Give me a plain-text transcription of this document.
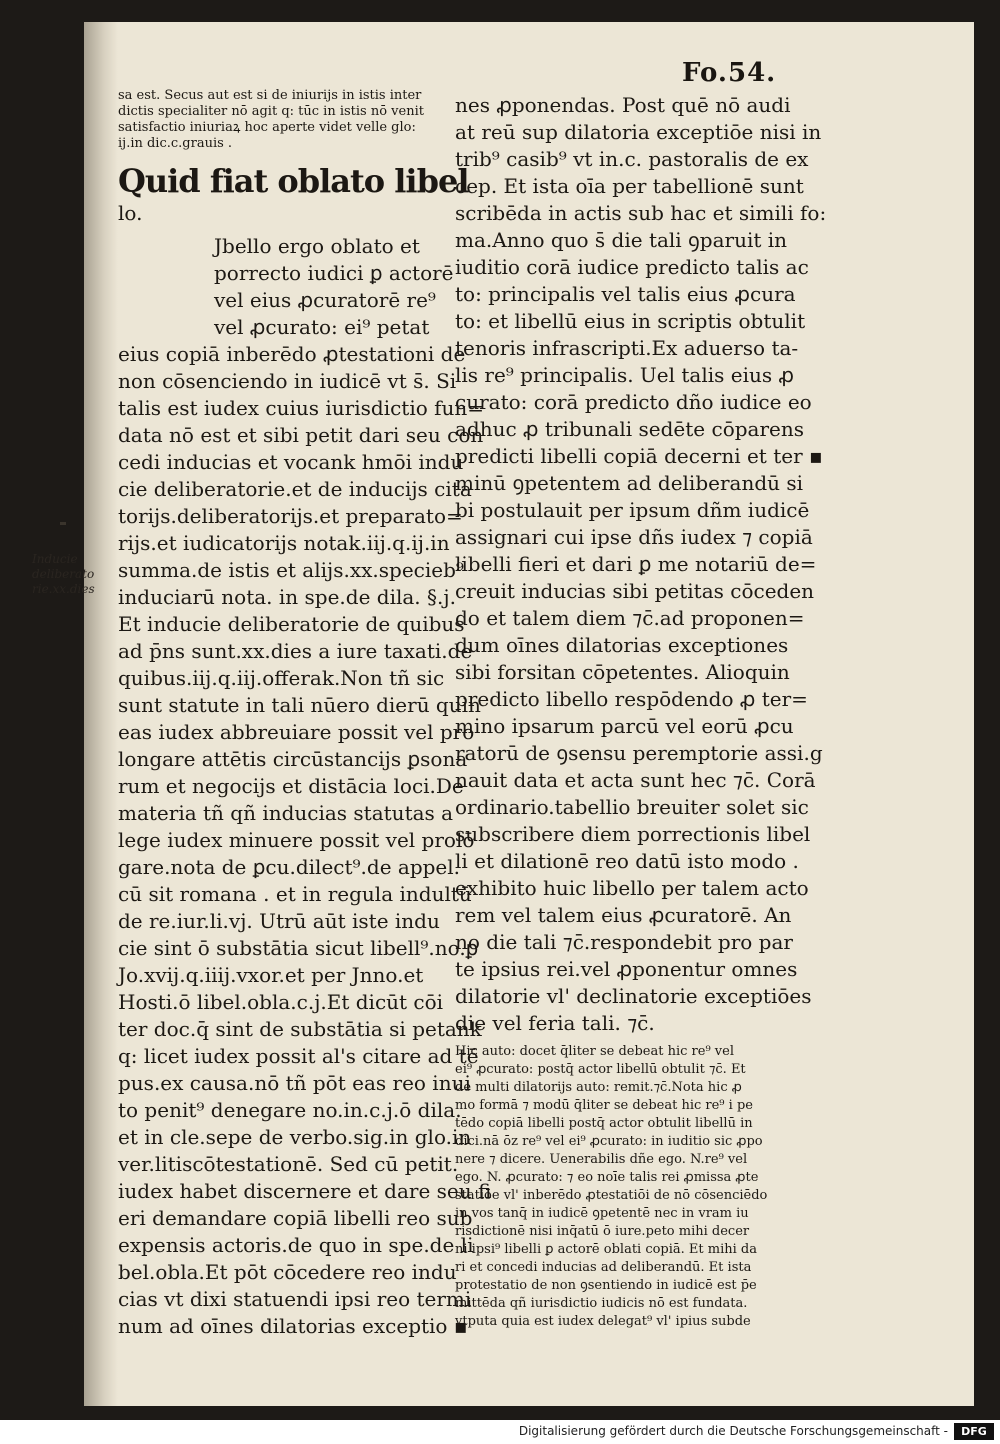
Fo.54.

sa est. Secus aut est si de iniurijs in istis inter

dictis specialiter nō agit q: tūc in istis nō venit

satisfactio iniuriaꝝ hoc aperte videt velle glo:

ij.in dic.c.grauis .

Quid fiat oblato libel

lo.

Jbello ergo oblato et

porrecto iudici ꝑ actorē

vel eius ꝓcuratorē re⁹

vel ꝓcurato: ei⁹ petat

eius copiā inberēdo ꝓtestationi de

non cōsenciendo in iudicē vt s̄. Si

talis est iudex cuius iurisdictio fun=

data nō est et sibi petit dari seu con

cedi inducias et vocank hmōi indu

cie deliberatorie.et de inducijs cita

torijs.deliberatorijs.et preparato=

rijs.et iudicatorijs notak.iij.q.ij.in

summa.de istis et alijs.xx.specieb⁹

induciarū nota. in spe.de dila. §.j.

Et inducie deliberatorie de quibus

ad p̄ns sunt.xx.dies a iure taxati.de

quibus.iij.q.iij.offerak.Non tñ sic

sunt statute in tali nūero dierū quin

eas iudex abbreuiare possit vel pro

longare attētis circūstancijs ꝑsona

rum et negocijs et distācia loci.De

materia tñ qñ inducias statutas a

lege iudex minuere possit vel prolō

gare.nota de ꝑcu.dilect⁹.de appel.

cū sit romana . et in regula indultū

de re.iur.li.vj. Utrū aūt iste indu

cie sint ō substātia sicut libell⁹.no.ꝑ

Jo.xvij.q.iiij.vxor.et per Jnno.et

Hosti.ō libel.obla.c.j.Et dicūt cōi

ter doc.q̄ sint de substātia si petank

q: licet iudex possit al's citare ad tē

pus.ex causa.nō tñ pōt eas reo inui

to penit⁹ denegare no.in.c.j.ō dila.

et in cle.sepe de verbo.sig.in glo.in

ver.litiscōtestationē. Sed cū petit.

iudex habet discernere et dare seu fi

eri demandare copiā libelli reo sub

expensis actoris.de quo in spe.de li

bel.obla.Et pōt cōcedere reo indu

cias vt dixi statuendi ipsi reo termi

num ad oīnes dilatorias exceptio ▪

Inducie
deliberato
rie.xx.dies

nes ꝓponendas. Post quē nō audi

at reū sup dilatoria exceptiōe nisi in

trib⁹ casib⁹ vt in.c. pastoralis de ex

cep. Et ista oīa per tabellionē sunt

scribēda in actis sub hac et simili fo:

ma.Anno quo s̄ die tali ꝯparuit in

iuditio corā iudice predicto talis ac

to: principalis vel talis eius ꝓcura

to: et libellū eius in scriptis obtulit

tenoris infrascripti.Ex aduerso ta-

lis re⁹ principalis. Uel talis eius ꝓ

curato: corā predicto dño iudice eo

adhuc ꝓ tribunali sedēte cōparens

predicti libelli copiā decerni et ter ▪

minū ꝯpetentem ad deliberandū si

bi postulauit per ipsum dñm iudicē

assignari cui ipse dñs iudex ⁊ copiā

libelli fieri et dari ꝑ me notariū de=

creuit inducias sibi petitas cōceden

do et talem diem ⁊c̄.ad proponen=

dum oīnes dilatorias exceptiones

sibi forsitan cōpetentes. Alioquin

predicto libello respōdendo ꝓ ter=

mino ipsarum parcū vel eorū ꝓcu

ratorū de ꝯsensu peremptorie assi.g

nauit data et acta sunt hec ⁊c̄. Corā

ordinario.tabellio breuiter solet sic

subscribere diem porrectionis libel

li et dilationē reo datū isto modo .

exhibito huic libello per talem acto

rem vel talem eius ꝓcuratorē. An

no die tali ⁊c̄.respondebit pro par

te ipsius rei.vel ꝓponentur omnes

dilatorie vl' declinatorie exceptiōes

die vel feria tali. ⁊c̄.

Hic auto: docet q̄liter se debeat hic re⁹ vel

ei⁹ ꝓcurato: postq̄ actor libellū obtulit ⁊c̄. Et

de multi dilatorijs auto: remit.⁊c̄.Nota hic ꝓ

mo formā ⁊ modū q̄liter se debeat hic re⁹ i pe

tēdo copiā libelli postq̄ actor obtulit libellū in

dici.nā ōz re⁹ vel ei⁹ ꝓcurato: in iuditio sic ꝓpo

nere ⁊ dicere. Uenerabilis dñe ego. N.re⁹ vel

ego. N. ꝓcurato: ⁊ eo noīe talis rei ꝓmissa ꝓte

statiōe vl' inberēdo ꝓtestatiōi de nō cōsenciēdo

in vos tanq̄ in iudicē ꝯpetentē nec in vram iu

risdictionē nisi inq̄atū ō iure.peto mihi decer

ni ipsi⁹ libelli ꝑ actorē oblati copiā. Et mihi da

ri et concedi inducias ad deliberandū. Et ista

protestatio de non ꝯsentiendo in iudicē est p̄e

mittēda qñ iurisdictio iudicis nō est fundata.

vtputa quia est iudex delegat⁹ vl' ipius subde

Digitalisierung gefördert durch die Deutsche Forschungsgemeinschaft -	DFG
